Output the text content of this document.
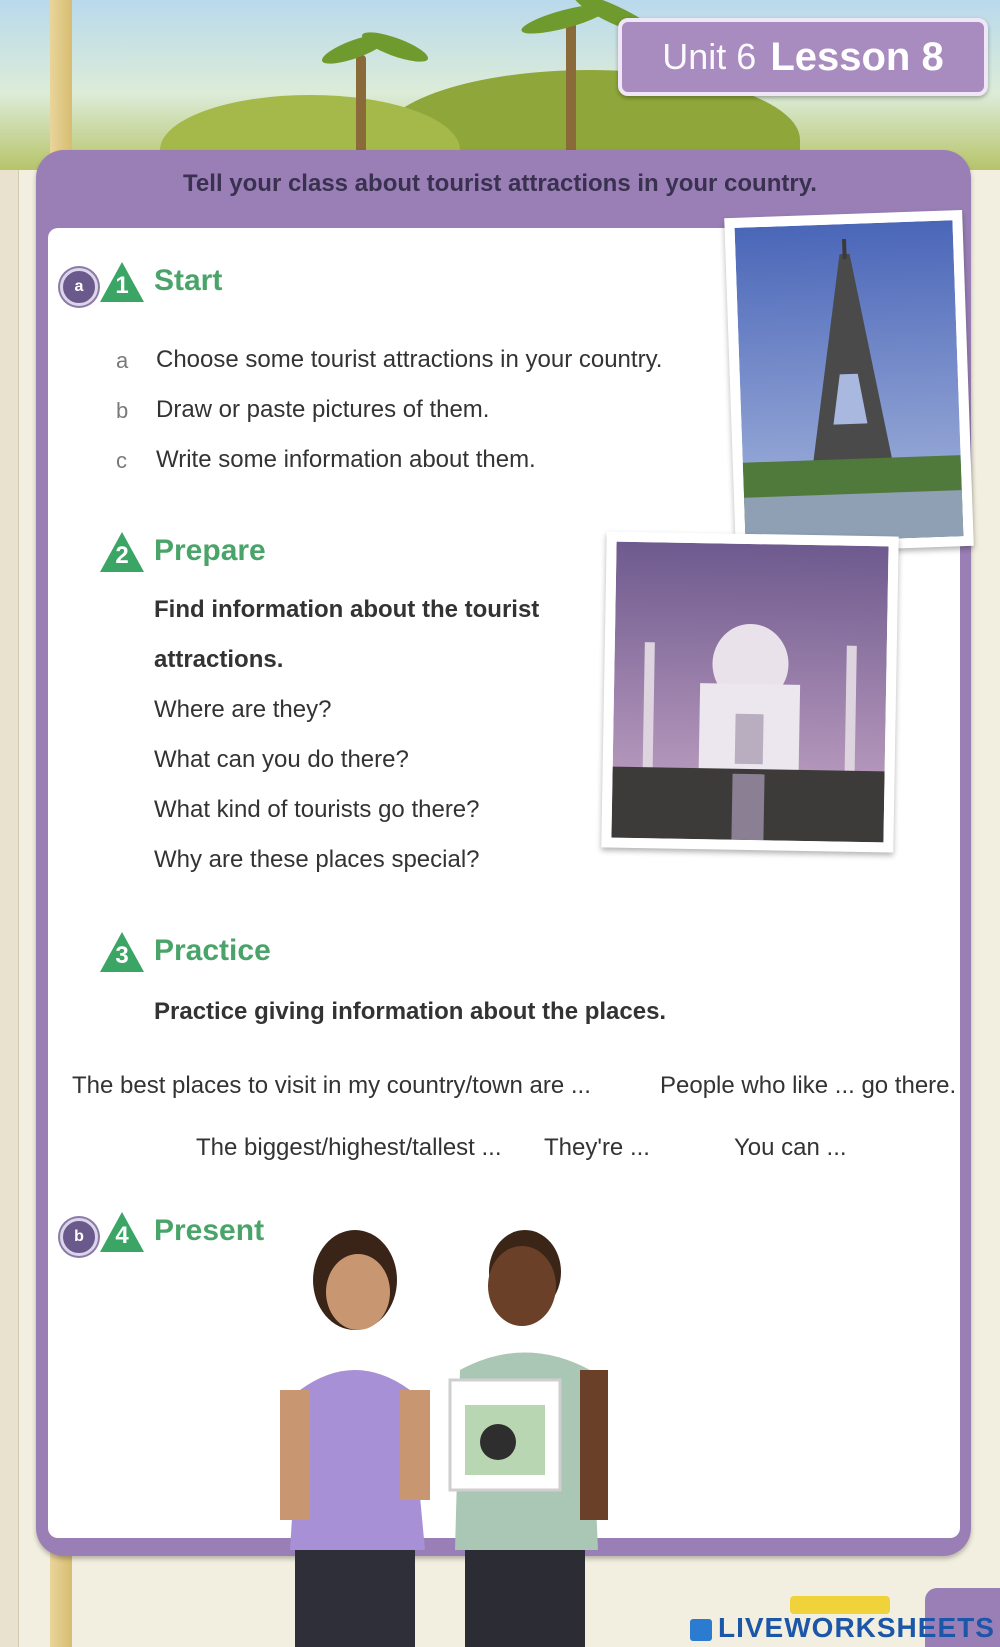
Unit 6 Lesson 8
Tell your class about tourist attractions in your country.
a	1 Start
a Choose some tourist attractions in your country.
b Draw or paste pictures of them.
c Write some information about them.
2 Prepare
Find information about the tourist
attractions.
Where are they?
What can you do there?
What kind of tourists go there?
Why are these places special?
3 Practice
Practice giving information about the places.
The best places to visit in my country/town are ...	People who like ... go there.
The biggest/highest/tallest ... They're ...	You can ...
b	4 Present
LIVEWORKSHEETS
